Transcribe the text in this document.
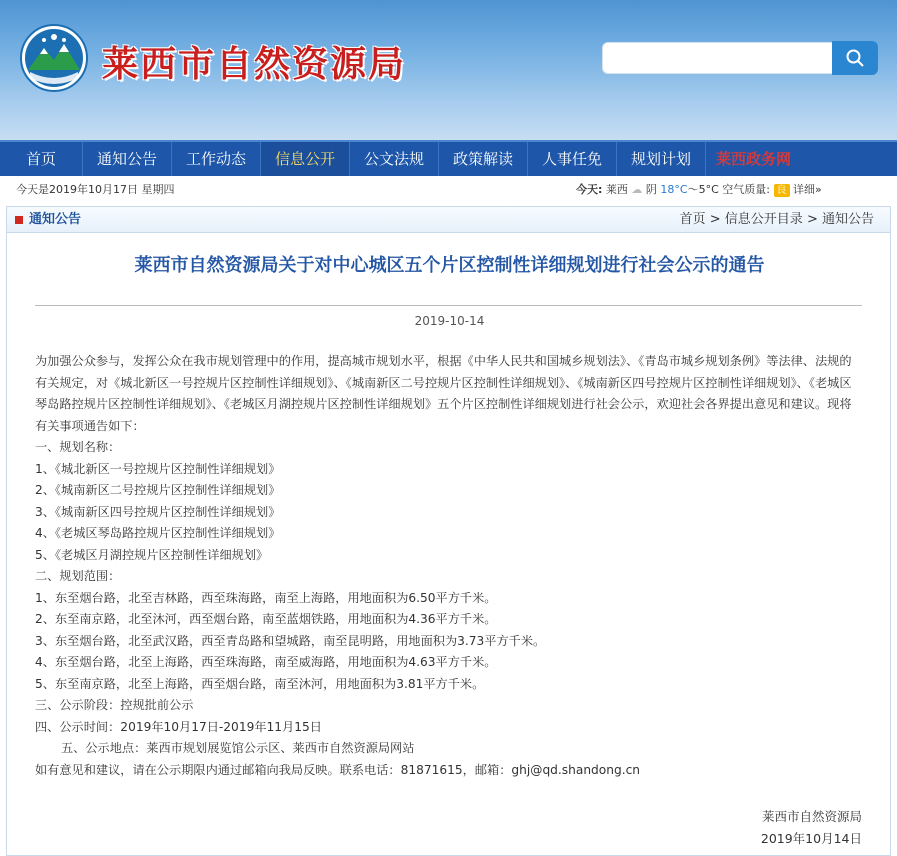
莱西市自然资源局
首页	通知公告	工作动态	信息公开	公文法规	政策解读	人事任免	规划计划	莱西政务网
今天是2019年10月17日 星期四	今天: 莱西 ☁ 阴 18°C～5°C 空气质量: 良 详细»
通知公告	首页 > 信息公开目录 > 通知公告
莱西市自然资源局关于对中心城区五个片区控制性详细规划进行社会公示的通告
2019-10-14

为加强公众参与，发挥公众在我市规划管理中的作用，提高城市规划水平，根据《中华人民共和国城乡规划法》、《青岛市城乡规划条例》等法律、法规的有关规定，对《城北新区一号控规片区控制性详细规划》、《城南新区二号控规片区控制性详细规划》、《城南新区四号控规片区控制性详细规划》、《老城区琴岛路控规片区控制性详细规划》、《老城区月湖控规片区控制性详细规划》五个片区控制性详细规划进行社会公示，欢迎社会各界提出意见和建议。现将有关事项通告如下：

一、规划名称：

1、《城北新区一号控规片区控制性详细规划》

2、《城南新区二号控规片区控制性详细规划》

3、《城南新区四号控规片区控制性详细规划》

4、《老城区琴岛路控规片区控制性详细规划》

5、《老城区月湖控规片区控制性详细规划》

二、规划范围：

1、东至烟台路，北至吉林路，西至珠海路，南至上海路，用地面积为6.50平方千米。

2、东至南京路，北至沐河，西至烟台路，南至蓝烟铁路，用地面积为4.36平方千米。

3、东至烟台路，北至武汉路，西至青岛路和望城路，南至昆明路，用地面积为3.73平方千米。

4、东至烟台路，北至上海路，西至珠海路，南至威海路，用地面积为4.63平方千米。

5、东至南京路，北至上海路，西至烟台路，南至沐河，用地面积为3.81平方千米。

三、公示阶段：控规批前公示

四、公示时间：2019年10月17日-2019年11月15日

五、公示地点：莱西市规划展览馆公示区、莱西市自然资源局网站

如有意见和建议，请在公示期限内通过邮箱向我局反映。联系电话：81871615，邮箱：ghj@qd.shandong.cn

莱西市自然资源局
2019年10月14日
